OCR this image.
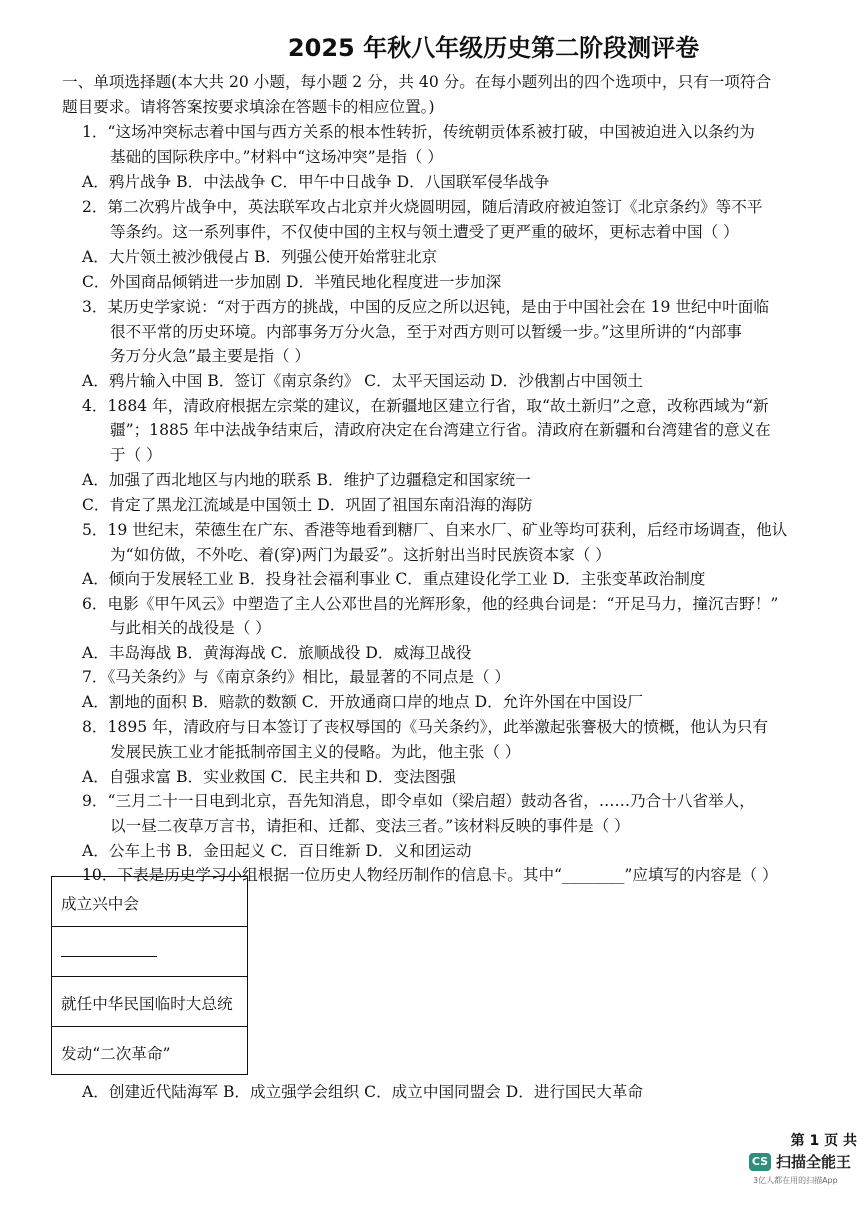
2025 年秋八年级历史第二阶段测评卷
一、单项选择题(本大共 20 小题，每小题 2 分，共 40 分。在每小题列出的四个选项中，只有一项符合
题目要求。请将答案按要求填涂在答题卡的相应位置。)
1．“这场冲突标志着中国与西方关系的根本性转折，传统朝贡体系被打破，中国被迫进入以条约为
基础的国际秩序中。”材料中“这场冲突”是指（ ）
A．鸦片战争 B．中法战争 C．甲午中日战争 D．八国联军侵华战争
2．第二次鸦片战争中，英法联军攻占北京并火烧圆明园，随后清政府被迫签订《北京条约》等不平
等条约。这一系列事件，不仅使中国的主权与领土遭受了更严重的破坏，更标志着中国（ ）
A．大片领土被沙俄侵占 B．列强公使开始常驻北京
C．外国商品倾销进一步加剧 D．半殖民地化程度进一步加深
3．某历史学家说：“对于西方的挑战，中国的反应之所以迟钝，是由于中国社会在 19 世纪中叶面临
很不平常的历史环境。内部事务万分火急，至于对西方则可以暂缓一步。”这里所讲的“内部事
务万分火急”最主要是指（ ）
A．鸦片输入中国 B．签订《南京条约》 C．太平天国运动 D．沙俄割占中国领土
4．1884 年，清政府根据左宗棠的建议，在新疆地区建立行省，取“故土新归”之意，改称西域为“新
疆”；1885 年中法战争结束后，清政府决定在台湾建立行省。清政府在新疆和台湾建省的意义在
于（ ）
A．加强了西北地区与内地的联系 B．维护了边疆稳定和国家统一
C．肯定了黑龙江流域是中国领土 D．巩固了祖国东南沿海的海防
5．19 世纪末，荣德生在广东、香港等地看到糖厂、自来水厂、矿业等均可获利，后经市场调查，他认
为“如仿做，不外吃、着(穿)两门为最妥”。这折射出当时民族资本家（ ）
A．倾向于发展轻工业 B．投身社会福利事业 C．重点建设化学工业 D．主张变革政治制度
6．电影《甲午风云》中塑造了主人公邓世昌的光辉形象，他的经典台词是：“开足马力，撞沉吉野！”
与此相关的战役是（ ）
A．丰岛海战 B．黄海海战 C．旅顺战役 D．威海卫战役
7．《马关条约》与《南京条约》相比，最显著的不同点是（ ）
A．割地的面积 B．赔款的数额 C．开放通商口岸的地点 D．允许外国在中国设厂
8．1895 年，清政府与日本签订了丧权辱国的《马关条约》，此举激起张謇极大的愤概，他认为只有
发展民族工业才能抵制帝国主义的侵略。为此，他主张（ ）
A．自强求富 B．实业救国 C．民主共和 D．变法图强
9．“三月二十一日电到北京，吾先知消息，即令卓如（梁启超）鼓动各省，……乃合十八省举人，
以一昼二夜草万言书，请拒和、迁都、变法三者。”该材料反映的事件是（ ）
A．公车上书 B．金田起义 C．百日维新 D．义和团运动
10．下表是历史学习小组根据一位历史人物经历制作的信息卡。其中“________”应填写的内容是（ ）
成立兴中会
就任中华民国临时大总统
发动“二次革命”
A．创建近代陆海军 B．成立强学会组织 C．成立中国同盟会 D．进行国民大革命
第 1 页 共
CS 扫描全能王
3亿人都在用的扫描App
